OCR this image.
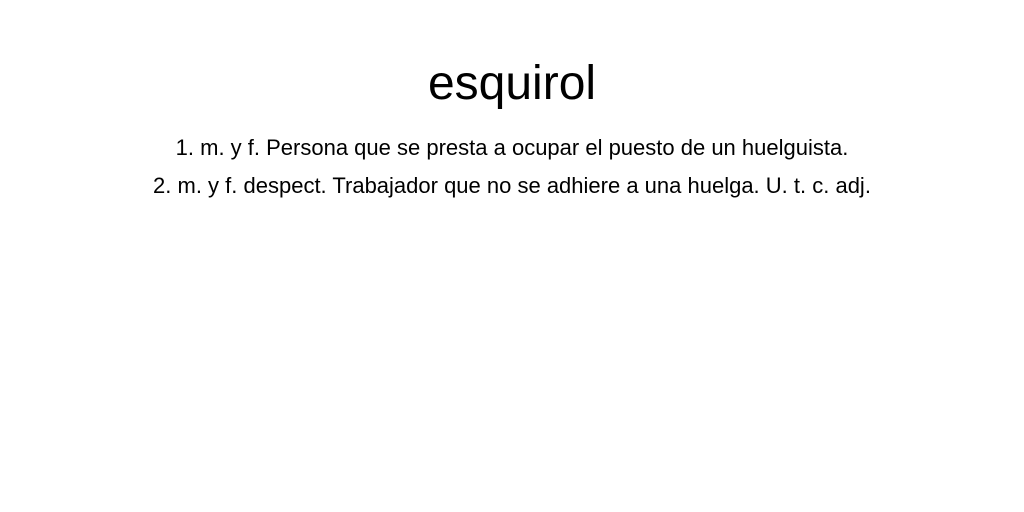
esquirol
1. m. y f. Persona que se presta a ocupar el puesto de un huelguista.
2. m. y f. despect. Trabajador que no se adhiere a una huelga. U. t. c. adj.
